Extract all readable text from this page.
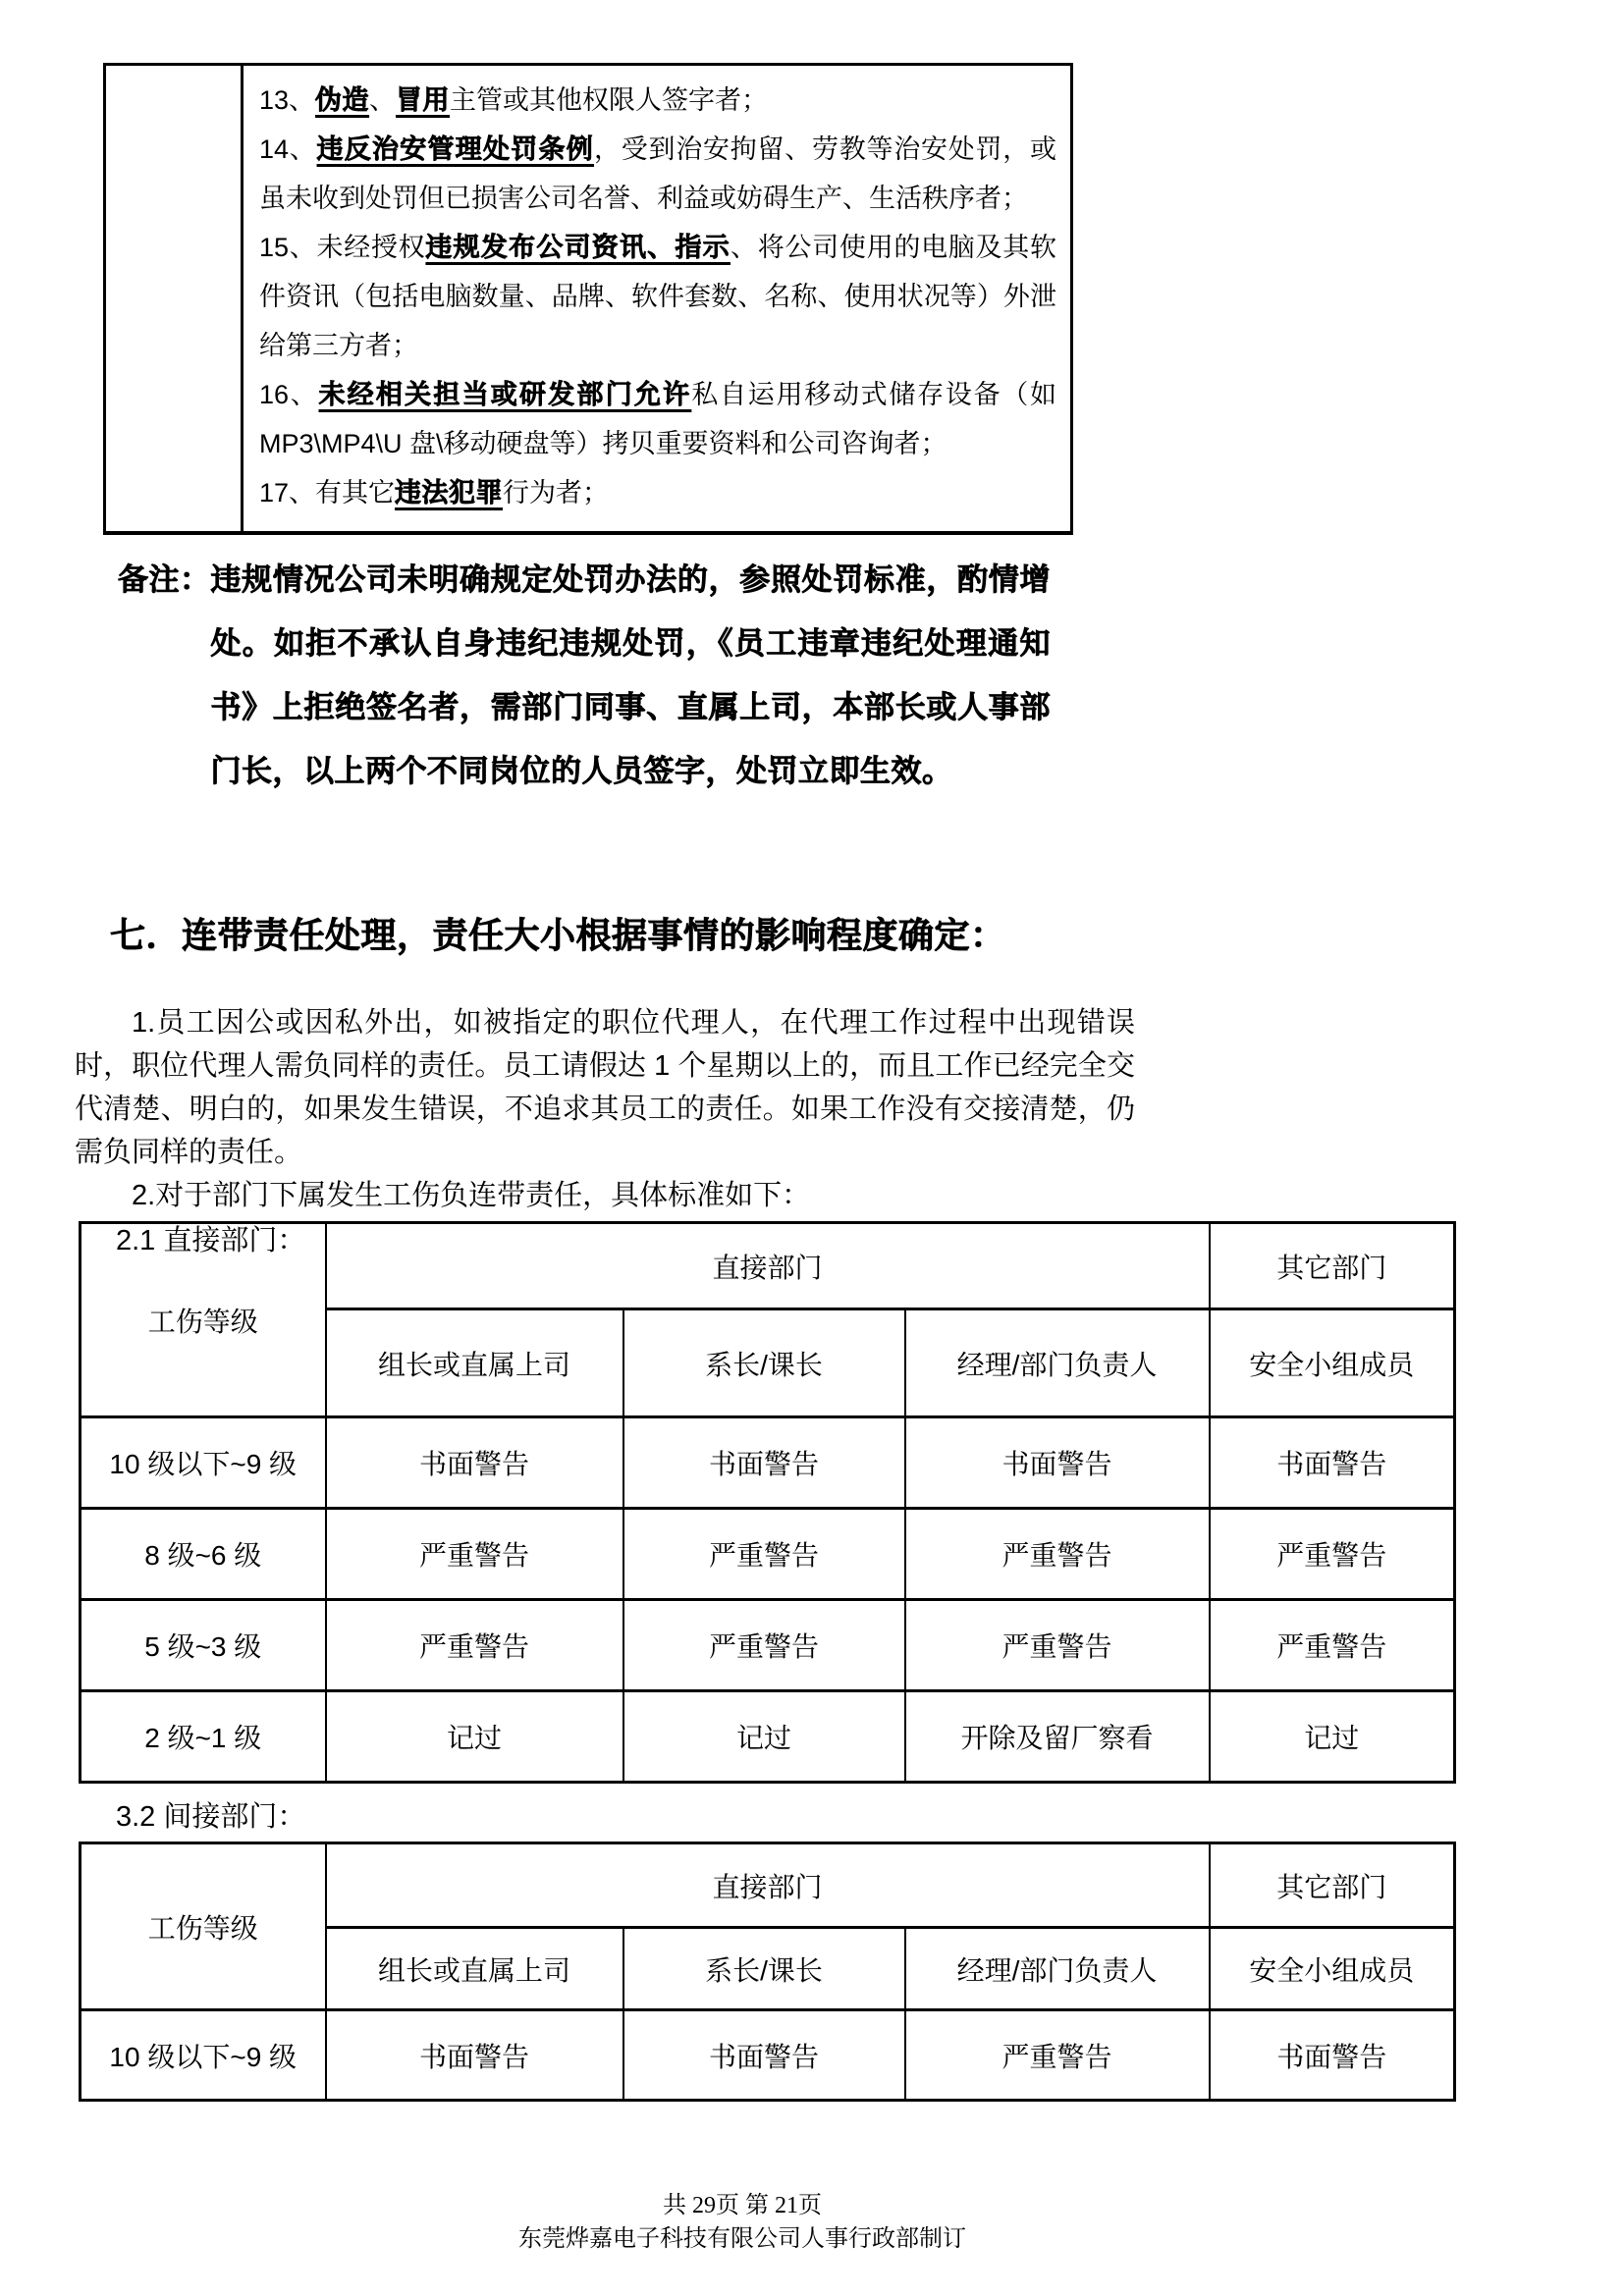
13、伪造、冒用主管或其他权限人签字者；
14、违反治安管理处罚条例，受到治安拘留、劳教等治安处罚，或虽未收到处罚但已损害公司名誉、利益或妨碍生产、生活秩序者；
15、未经授权违规发布公司资讯、指示、将公司使用的电脑及其软件资讯（包括电脑数量、品牌、软件套数、名称、使用状况等）外泄给第三方者；
16、未经相关担当或研发部门允许私自运用移动式储存设备（如 MP3\MP4\U 盘\移动硬盘等）拷贝重要资料和公司咨询者；
17、有其它违法犯罪行为者；
备注： 违规情况公司未明确规定处罚办法的，参照处罚标准，酌情增处。如拒不承认自身违纪违规处罚，《员工违章违纪处理通知书》上拒绝签名者，需部门同事、直属上司，本部长或人事部门长，以上两个不同岗位的人员签字，处罚立即生效。
七．连带责任处理，责任大小根据事情的影响程度确定：

1.员工因公或因私外出，如被指定的职位代理人，在代理工作过程中出现错误时，职位代理人需负同样的责任。员工请假达 1 个星期以上的，而且工作已经完全交代清楚、明白的，如果发生错误，不追求其员工的责任。如果工作没有交接清楚，仍需负同样的责任。

2.对于部门下属发生工伤负连带责任，具体标准如下：

2.1 直接部门：

工伤等级	直接部门			其它部门
	组长或直属上司	系长/课长	经理/部门负责人	安全小组成员
10 级以下~9 级	书面警告	书面警告	书面警告	书面警告
8 级~6 级	严重警告	严重警告	严重警告	严重警告
5 级~3 级	严重警告	严重警告	严重警告	严重警告
2 级~1 级	记过	记过	开除及留厂察看	记过
3.2 间接部门：
工伤等级	直接部门			其它部门
	组长或直属上司	系长/课长	经理/部门负责人	安全小组成员
10 级以下~9 级	书面警告	书面警告	严重警告	书面警告
共 29页 第 21页
东莞烨嘉电子科技有限公司人事行政部制订
